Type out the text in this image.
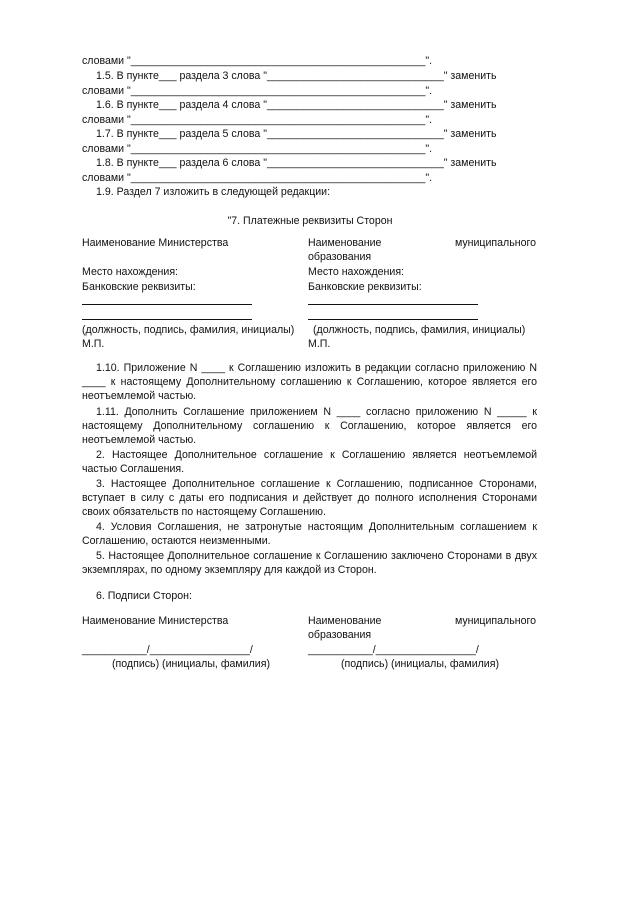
словами "__________________________________________________".
1.5. В пункте___ раздела 3 слова "______________________________" заменить
словами "__________________________________________________".
1.6. В пункте___ раздела 4 слова "______________________________" заменить
словами "__________________________________________________".
1.7. В пункте___ раздела 5 слова "______________________________" заменить
словами "__________________________________________________".
1.8. В пункте___ раздела 6 слова "______________________________" заменить
словами "__________________________________________________".
1.9. Раздел 7 изложить в следующей редакции:
"7. Платежные реквизиты Сторон
Наименование Министерства	Наименование	муниципального
образования
Место нахождения:	Место нахождения:
Банковские реквизиты:	Банковские реквизиты:
(должность, подпись, фамилия, инициалы) (должность, подпись, фамилия, инициалы)
М.П.	М.П.
1.10. Приложение N ____ к Соглашению изложить в редакции согласно приложению N ____ к настоящему Дополнительному соглашению к Соглашению, которое является его неотъемлемой частью.
1.11. Дополнить Соглашение приложением N ____ согласно приложению N _____ к настоящему Дополнительному соглашению к Соглашению, которое является его неотъемлемой частью.
2. Настоящее Дополнительное соглашение к Соглашению является неотъемлемой частью Соглашения.
3. Настоящее Дополнительное соглашение к Соглашению, подписанное Сторонами, вступает в силу с даты его подписания и действует до полного исполнения Сторонами своих обязательств по настоящему Соглашению.
4. Условия Соглашения, не затронутые настоящим Дополнительным соглашением к Соглашению, остаются неизменными.
5. Настоящее Дополнительное соглашение к Соглашению заключено Сторонами в двух экземплярах, по одному экземпляру для каждой из Сторон.
6. Подписи Сторон:
Наименование Министерства	Наименование	муниципального
образования
___________/_________________/	___________/_________________/
(подпись) (инициалы, фамилия)	(подпись) (инициалы, фамилия)
